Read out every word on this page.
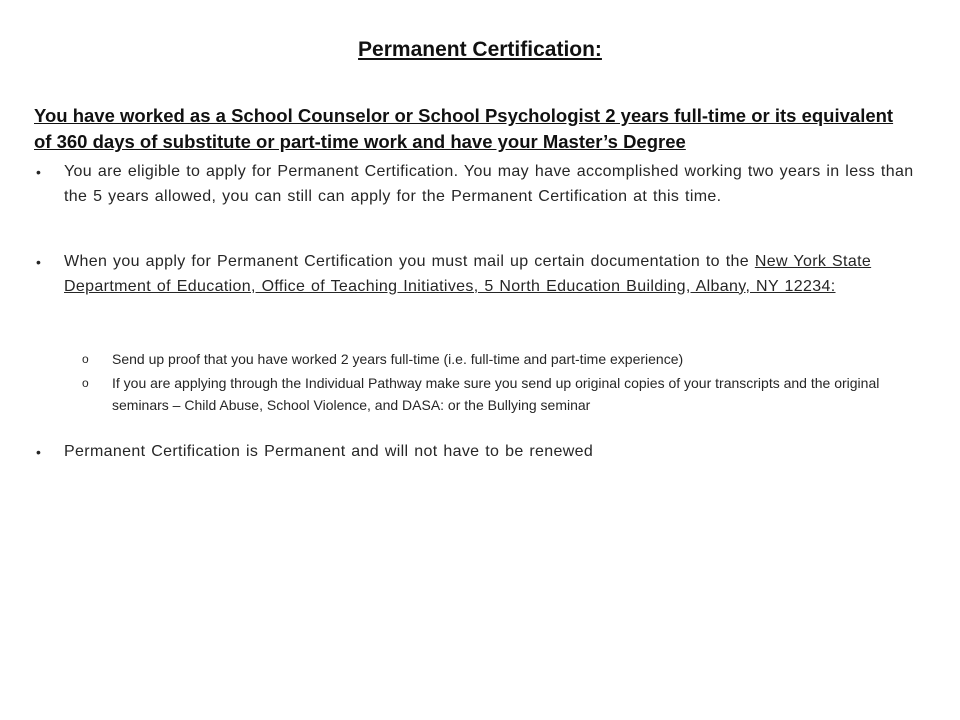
Permanent Certification:
You have worked as a School Counselor or School Psychologist 2 years full-time or its equivalent of 360 days of substitute or part-time work and have your Master’s Degree
• You are eligible to apply for Permanent Certification. You may have accomplished working two years in less than the 5 years allowed, you can still can apply for the Permanent Certification at this time.
• When you apply for Permanent Certification you must mail up certain documentation to the New York State Department of Education, Office of Teaching Initiatives, 5 North Education Building, Albany, NY 12234:
• Permanent Certification is Permanent and will not have to be renewed
o Send up proof that you have worked 2 years full-time (i.e. full-time and part-time experience)
o If you are applying through the Individual Pathway make sure you send up original copies of your transcripts and the original seminars – Child Abuse, School Violence, and DASA: or the Bullying seminar
